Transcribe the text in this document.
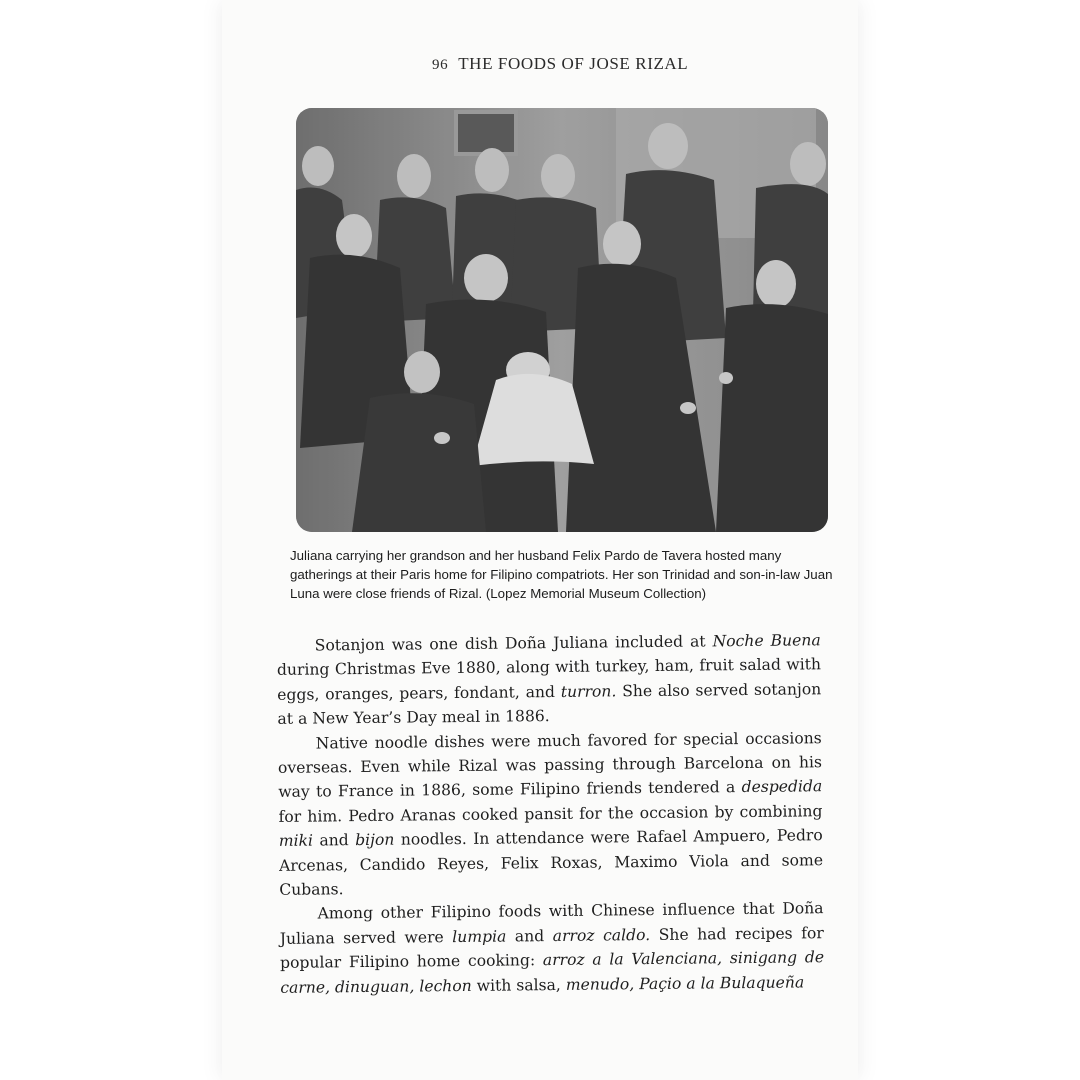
96 THE FOODS OF JOSE RIZAL
Juliana carrying her grandson and her husband Felix Pardo de Tavera hosted many gatherings at their Paris home for Filipino compatriots. Her son Trinidad and son-in-law Juan Luna were close friends of Rizal. (Lopez Memorial Museum Collection)

Sotanjon was one dish Doña Juliana included at Noche Buena during Christmas Eve 1880, along with turkey, ham, fruit salad with eggs, oranges, pears, fondant, and turron. She also served sotanjon at a New Year’s Day meal in 1886.

Native noodle dishes were much favored for special occasions overseas. Even while Rizal was passing through Barcelona on his way to France in 1886, some Filipino friends tendered a despedida for him. Pedro Aranas cooked pansit for the occasion by combining miki and bijon noodles. In attendance were Rafael Ampuero, Pedro Arcenas, Candido Reyes, Felix Roxas, Maximo Viola and some Cubans.

Among other Filipino foods with Chinese influence that Doña Juliana served were lumpia and arroz caldo. She had recipes for popular Filipino home cooking: arroz a la Valenciana, sinigang de carne, dinuguan, lechon with salsa, menudo, Paçio a la Bulaqueña
